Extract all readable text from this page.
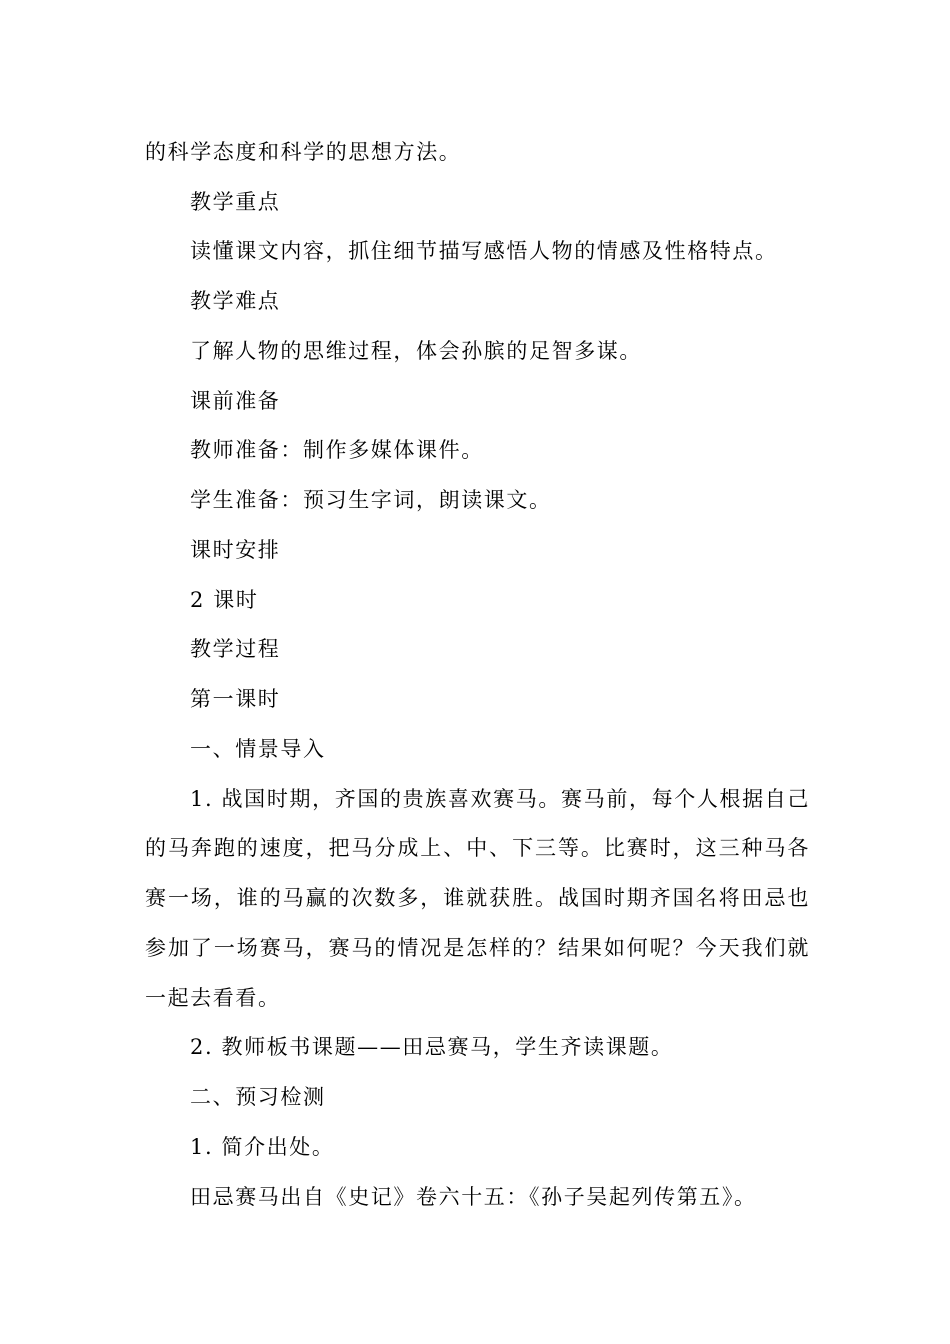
的科学态度和科学的思想方法。
教学重点
读懂课文内容，抓住细节描写感悟人物的情感及性格特点。
教学难点
了解人物的思维过程，体会孙膑的足智多谋。
课前准备
教师准备：制作多媒体课件。
学生准备：预习生字词，朗读课文。
课时安排
2 课时
教学过程
第一课时
一、情景导入
1. 战国时期，齐国的贵族喜欢赛马。赛马前，每个人根据自己
的马奔跑的速度，把马分成上、中、下三等。比赛时，这三种马各
赛一场，谁的马赢的次数多，谁就获胜。战国时期齐国名将田忌也
参加了一场赛马，赛马的情况是怎样的？结果如何呢？今天我们就
一起去看看。
2. 教师板书课题——田忌赛马，学生齐读课题。
二、预习检测
1. 简介出处。
田忌赛马出自《史记》卷六十五：《孙子吴起列传第五》。
